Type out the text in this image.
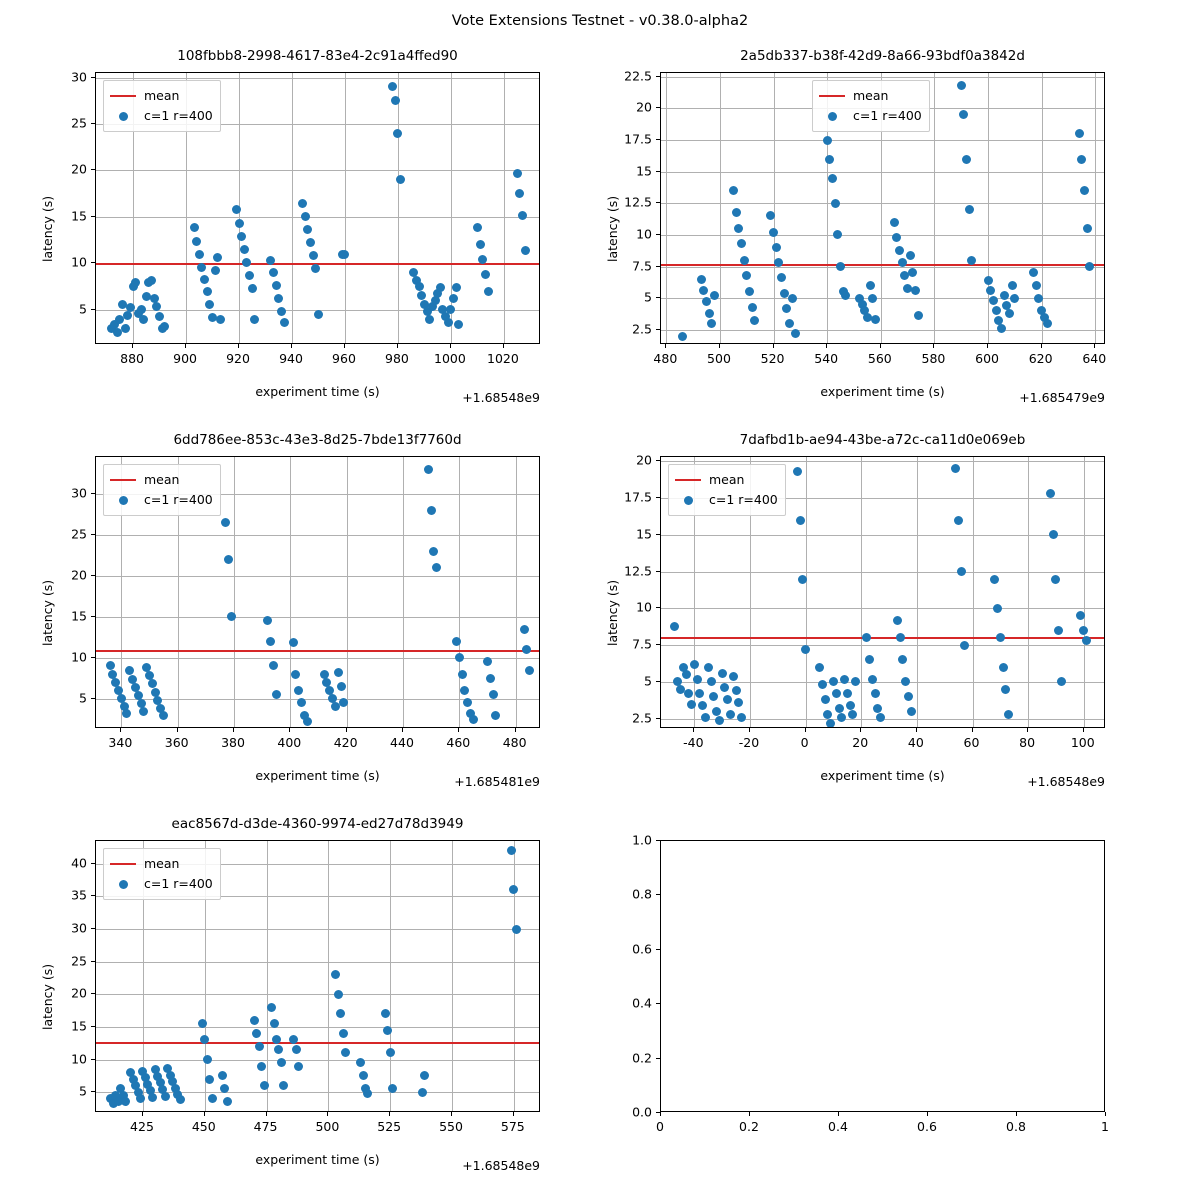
Vote Extensions Testnet - v0.38.0-alpha2
108fbbb8-2998-4617-83e4-2c91a4ffed90
experiment time (s)
latency (s)
+1.68548e9
mean
c=1 r=400
880 900 920 940 960 980 1000 1020
5
10
15
20
25
30
2a5db337-b38f-42d9-8a66-93bdf0a3842d
experiment time (s)
latency (s)
+1.685479e9
mean
c=1 r=400
480 500 520 540 560 580 600 620 640
2.5
5
7.5
10
12.5
15
17.5
20
22.5
6dd786ee-853c-43e3-8d25-7bde13f7760d
experiment time (s)
latency (s)
+1.685481e9
mean
c=1 r=400
340	360	380	400	420	440	460	480
5
10
15
20
25
30
7dafbd1b-ae94-43be-a72c-ca11d0e069eb
experiment time (s)
latency (s)
+1.68548e9
mean
c=1 r=400
-40	-20	0	20	40	60	80	100
2.5
5
7.5
10
12.5
15
17.5
20
eac8567d-d3de-4360-9974-ed27d78d3949
experiment time (s)
latency (s)
+1.68548e9
mean
c=1 r=400
425	450	475	500	525	550	575
5
10
15
20
25
30
35
40
0	0.2	0.4	0.6	0.8	1
0.0
0.2
0.4
0.6
0.8
1.0
